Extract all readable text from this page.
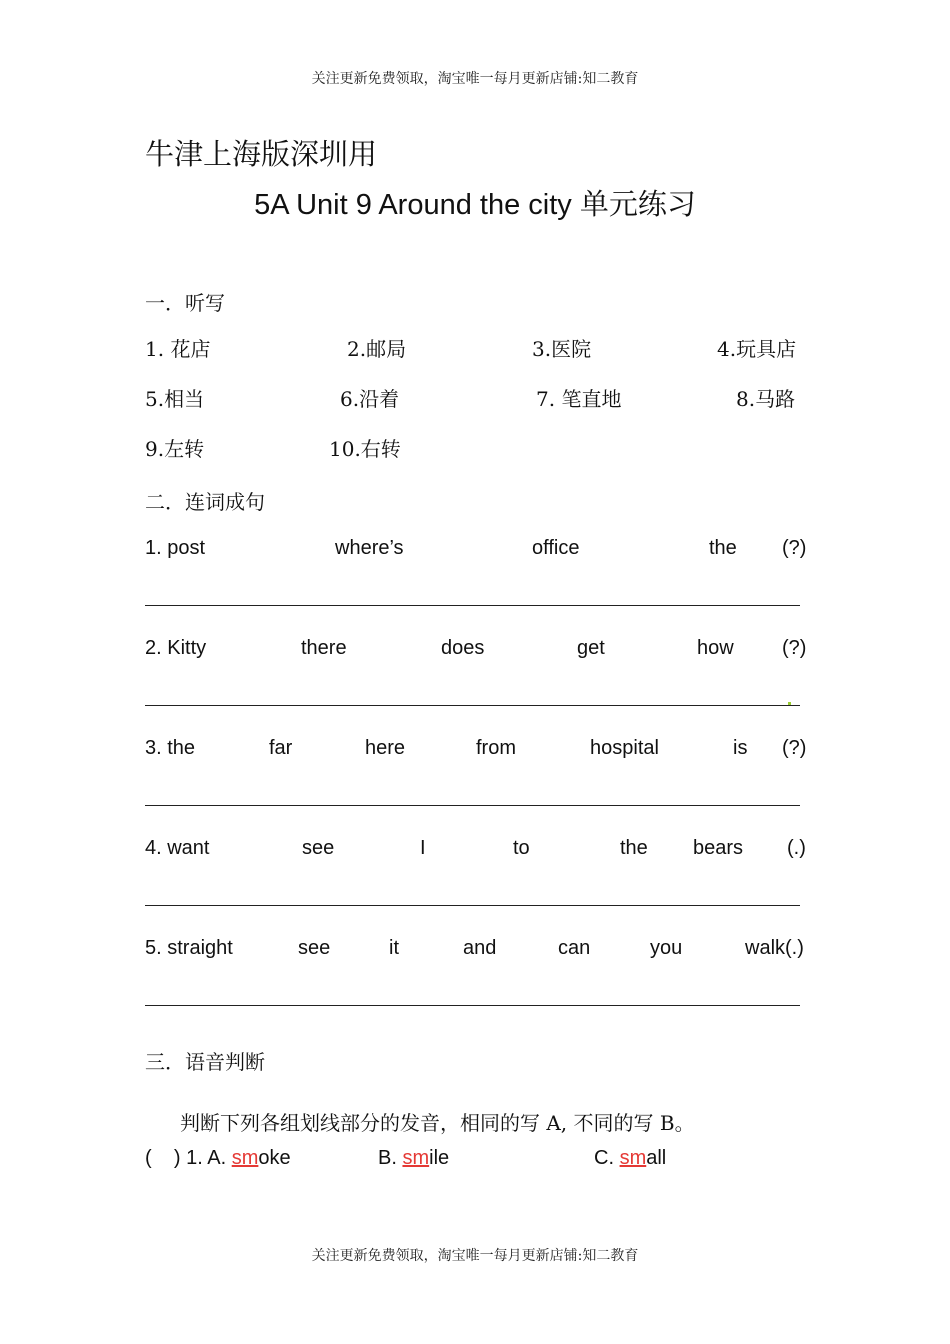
关注更新免费领取，淘宝唯一每月更新店铺:知二教育
牛津上海版深圳用
5A Unit 9 Around the city 单元练习
一．听写
1. 花店	2.邮局	3.医院	4.玩具店
5.相当	6.沿着	7. 笔直地	8.马路
9.左转	10.右转
二．连词成句
1. post	where’s	office	the (?)
2. Kitty	there	does	get	how (?)
3. the	far	here	from	hospital	is (?)
4. want	see	I	to	the bears (.)
5. straight	see	it	and	can	you	walk(.)
三．语音判断
判断下列各组划线部分的发音，相同的写 A, 不同的写 B。
(    ) 1. A. smoke	B. smile	C. small
关注更新免费领取，淘宝唯一每月更新店铺:知二教育
